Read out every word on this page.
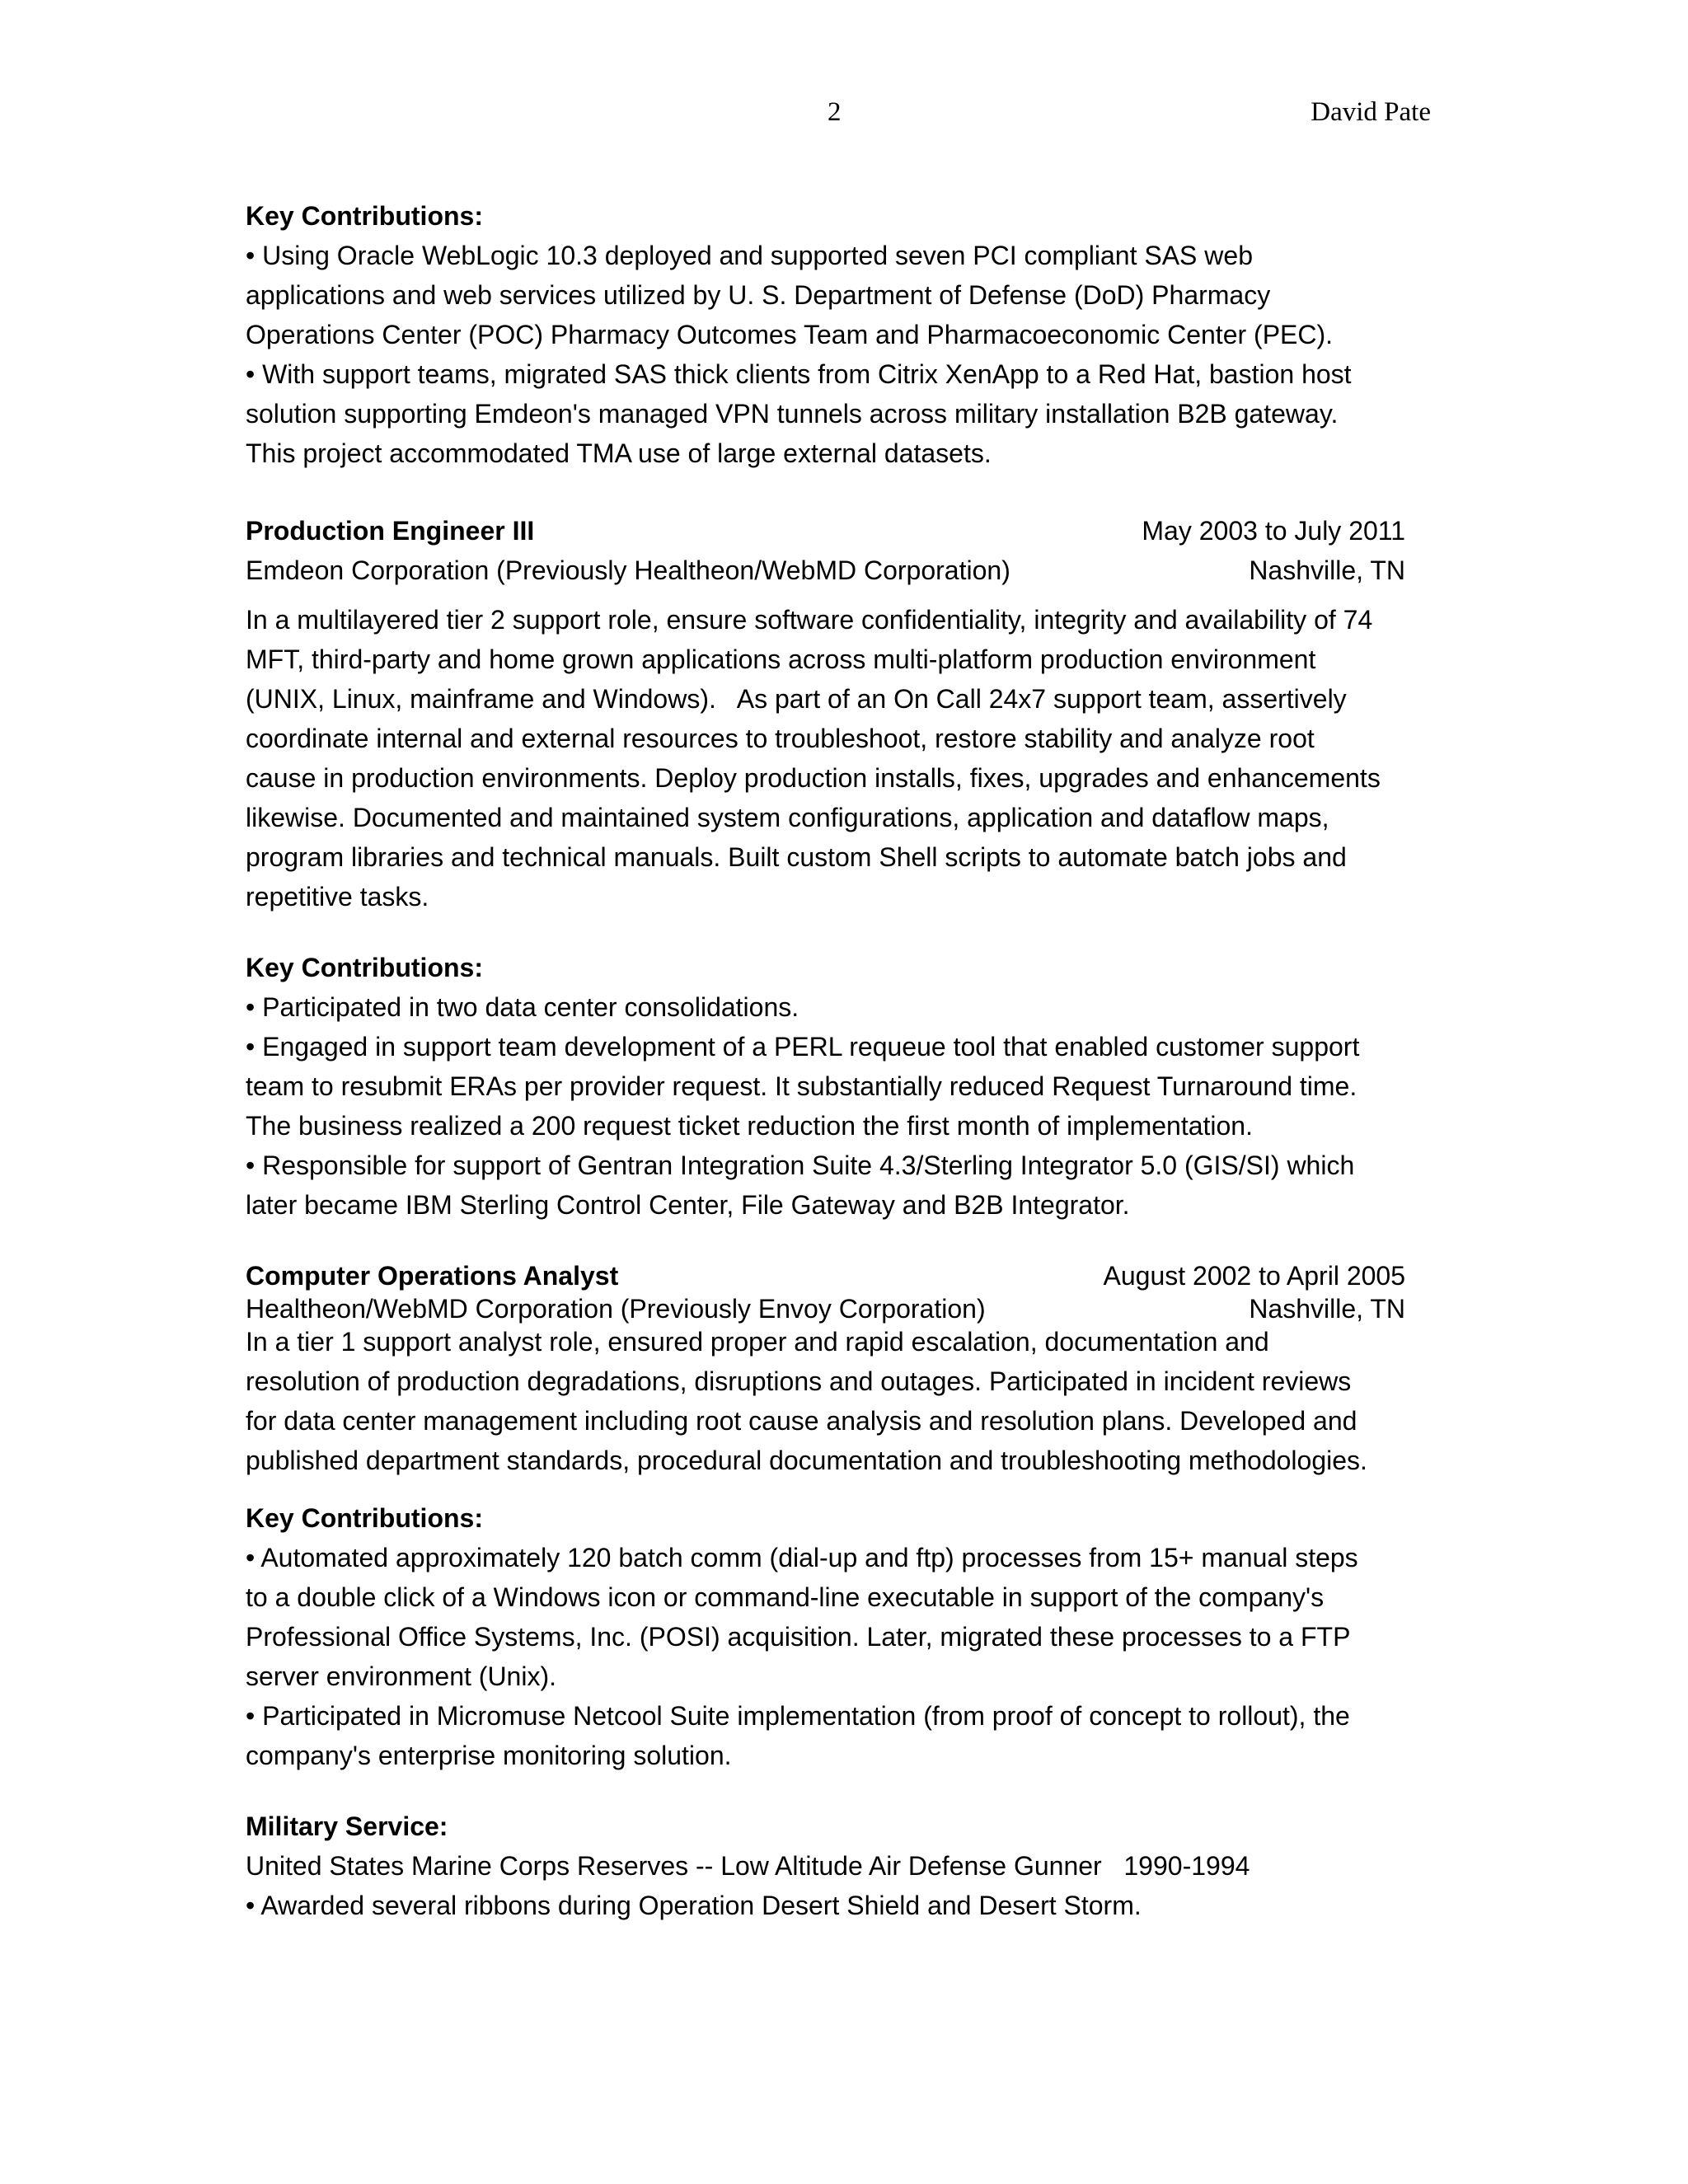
2	David Pate

Key Contributions:

• Using Oracle WebLogic 10.3 deployed and supported seven PCI compliant SAS web

applications and web services utilized by U. S. Department of Defense (DoD) Pharmacy

Operations Center (POC) Pharmacy Outcomes Team and Pharmacoeconomic Center (PEC).

• With support teams, migrated SAS thick clients from Citrix XenApp to a Red Hat, bastion host

solution supporting Emdeon's managed VPN tunnels across military installation B2B gateway.

This project accommodated TMA use of large external datasets.

Production Engineer III	May 2003 to July 2011
Emdeon Corporation (Previously Healtheon/WebMD Corporation)	Nashville, TN

In a multilayered tier 2 support role, ensure software confidentiality, integrity and availability of 74

MFT, third-party and home grown applications across multi-platform production environment

(UNIX, Linux, mainframe and Windows).   As part of an On Call 24x7 support team, assertively

coordinate internal and external resources to troubleshoot, restore stability and analyze root

cause in production environments. Deploy production installs, fixes, upgrades and enhancements

likewise. Documented and maintained system configurations, application and dataflow maps,

program libraries and technical manuals. Built custom Shell scripts to automate batch jobs and

repetitive tasks.

Key Contributions:

• Participated in two data center consolidations.

• Engaged in support team development of a PERL requeue tool that enabled customer support

team to resubmit ERAs per provider request. It substantially reduced Request Turnaround time.

The business realized a 200 request ticket reduction the first month of implementation.

• Responsible for support of Gentran Integration Suite 4.3/Sterling Integrator 5.0 (GIS/SI) which

later became IBM Sterling Control Center, File Gateway and B2B Integrator.

Computer Operations Analyst	August 2002 to April 2005
Healtheon/WebMD Corporation (Previously Envoy Corporation)	Nashville, TN

In a tier 1 support analyst role, ensured proper and rapid escalation, documentation and

resolution of production degradations, disruptions and outages. Participated in incident reviews

for data center management including root cause analysis and resolution plans. Developed and

published department standards, procedural documentation and troubleshooting methodologies.

Key Contributions:

• Automated approximately 120 batch comm (dial-up and ftp) processes from 15+ manual steps

to a double click of a Windows icon or command-line executable in support of the company's

Professional Office Systems, Inc. (POSI) acquisition. Later, migrated these processes to a FTP

server environment (Unix).

• Participated in Micromuse Netcool Suite implementation (from proof of concept to rollout), the

company's enterprise monitoring solution.

Military Service:

United States Marine Corps Reserves -- Low Altitude Air Defense Gunner   1990-1994

• Awarded several ribbons during Operation Desert Shield and Desert Storm.
